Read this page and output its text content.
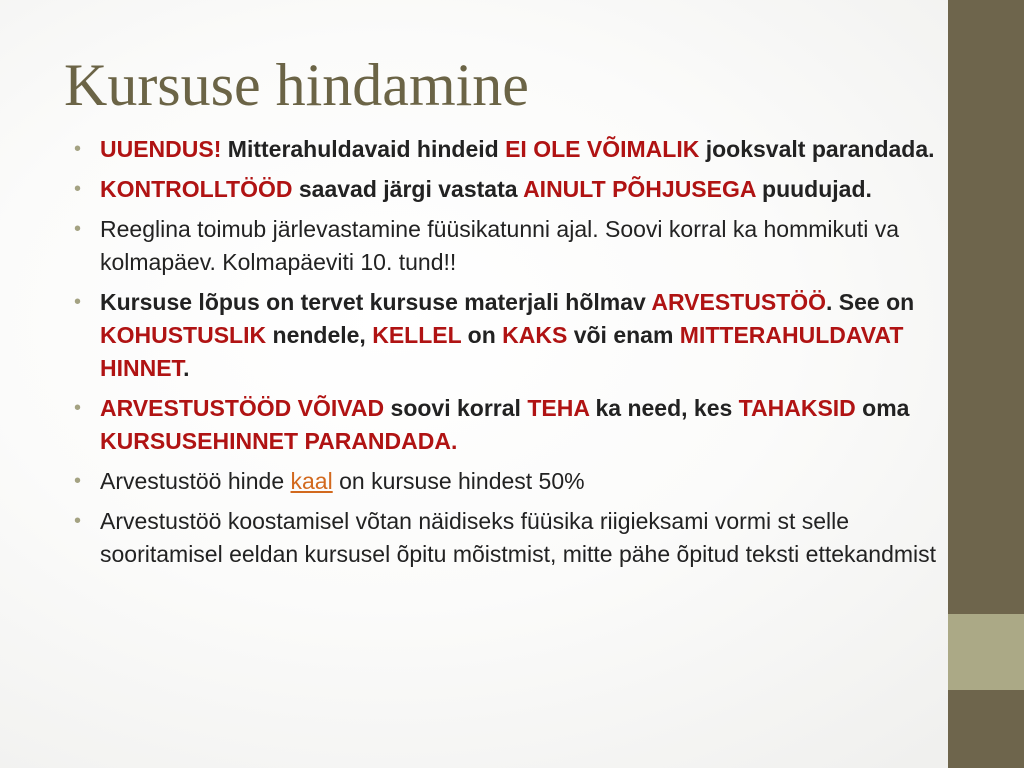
Kursuse hindamine
• UUENDUS! Mitterahuldavaid hindeid EI OLE VÕIMALIK jooksvalt parandada.
• KONTROLLTÖÖD saavad järgi vastata AINULT PÕHJUSEGA puudujad.
• Reeglina toimub järlevastamine füüsikatunni ajal. Soovi korral ka hommikuti va kolmapäev. Kolmapäeviti 10. tund!!
• Kursuse lõpus on tervet kursuse materjali hõlmav ARVESTUSTÖÖ. See on KOHUSTUSLIK nendele, KELLEL on KAKS või enam MITTERAHULDAVAT HINNET.
• ARVESTUSTÖÖD VÕIVAD soovi korral TEHA ka need, kes TAHAKSID oma KURSUSEHINNET PARANDADA.
• Arvestustöö hinde kaal on kursuse hindest 50%
• Arvestustöö koostamisel võtan näidiseks füüsika riigieksami vormi st selle sooritamisel eeldan kursusel õpitu mõistmist, mitte pähe õpitud teksti ettekandmist
